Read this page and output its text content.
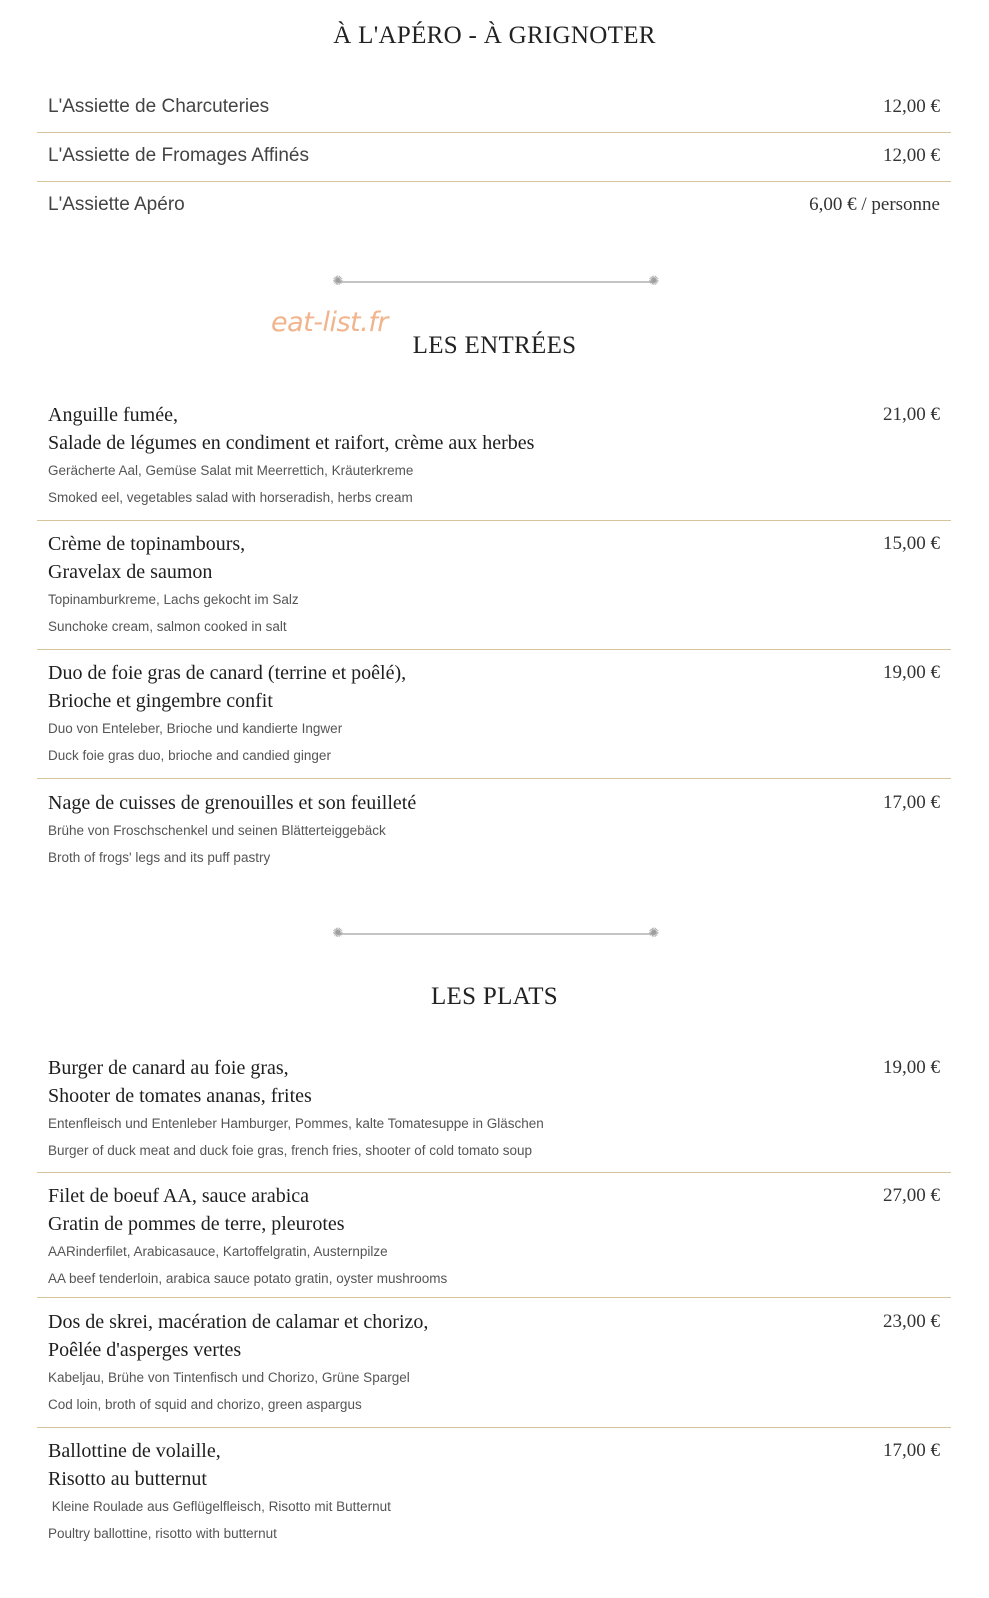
À L'APÉRO - À GRIGNOTER
L'Assiette de Charcuteries	12,00 €
L'Assiette de Fromages Affinés	12,00 €
L'Assiette Apéro	6,00 € / personne
✺	✺
eat-list.fr
LES ENTRÉES
Anguille fumée,
Salade de légumes en condiment et raifort, crème aux herbes
Gerächerte Aal, Gemüse Salat mit Meerrettich, Kräuterkreme
Smoked eel, vegetables salad with horseradish, herbs cream
21,00 €
Crème de topinambours,
Gravelax de saumon
Topinamburkreme, Lachs gekocht im Salz
Sunchoke cream, salmon cooked in salt
15,00 €
Duo de foie gras de canard (terrine et poêlé),
Brioche et gingembre confit
Duo von Enteleber, Brioche und kandierte Ingwer
Duck foie gras duo, brioche and candied ginger
19,00 €
Nage de cuisses de grenouilles et son feuilleté
Brühe von Froschschenkel und seinen Blätterteiggebäck
Broth of frogs' legs and its puff pastry
17,00 €
✺	✺
LES PLATS
Burger de canard au foie gras,
Shooter de tomates ananas, frites
Entenfleisch und Entenleber Hamburger, Pommes, kalte Tomatesuppe in Gläschen
Burger of duck meat and duck foie gras, french fries, shooter of cold tomato soup
19,00 €
Filet de boeuf AA, sauce arabica
Gratin de pommes de terre, pleurotes
AARinderfilet, Arabicasauce, Kartoffelgratin, Austernpilze
AA beef tenderloin, arabica sauce potato gratin, oyster mushrooms
27,00 €
Dos de skrei, macération de calamar et chorizo,
Poêlée d'asperges vertes
Kabeljau, Brühe von Tintenfisch und Chorizo, Grüne Spargel
Cod loin, broth of squid and chorizo, green aspargus
23,00 €
Ballottine de volaille,
Risotto au butternut
Kleine Roulade aus Geflügelfleisch, Risotto mit Butternut
Poultry ballottine, risotto with butternut
17,00 €
